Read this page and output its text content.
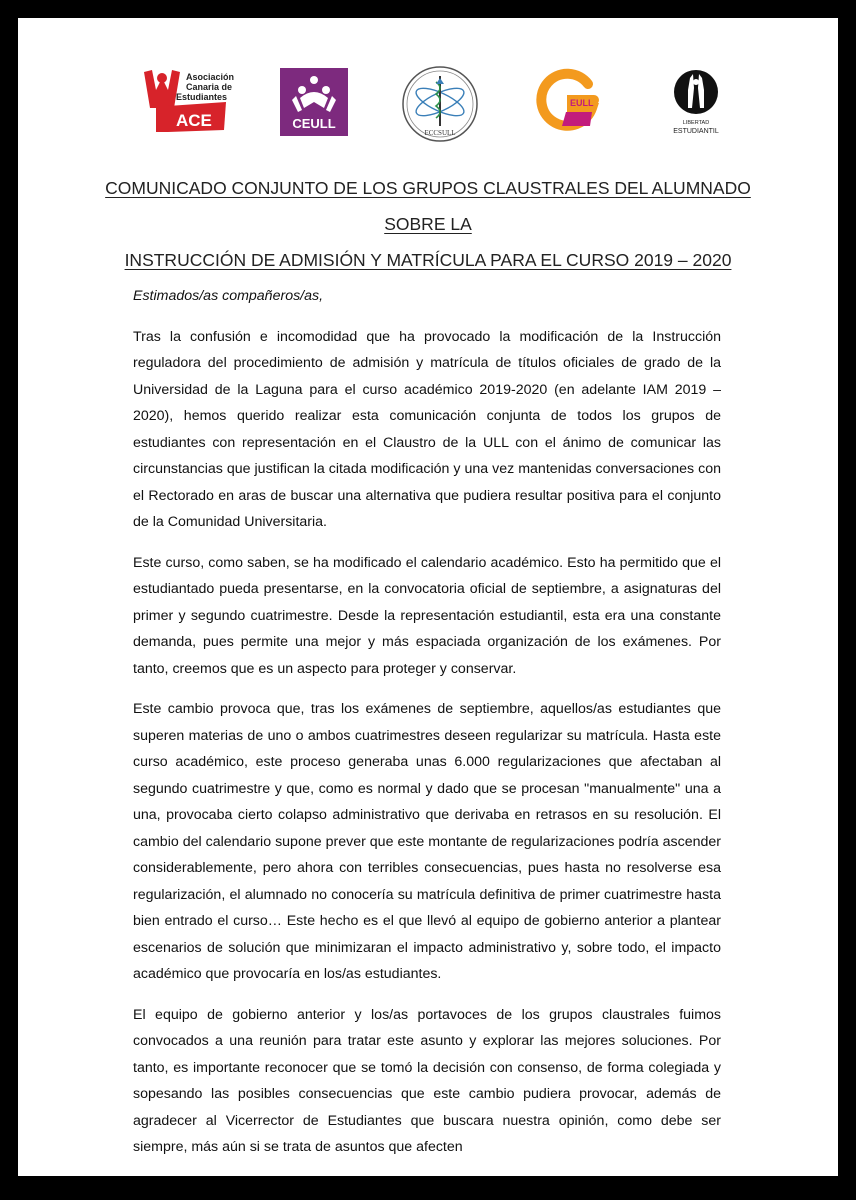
Asociación
Canaria de
Estudiantes
ACE	CEULL
ECCSULL
EULL
LIBERTAD
ESTUDIANTIL
COMUNICADO CONJUNTO DE LOS GRUPOS CLAUSTRALES DEL ALUMNADO SOBRE LA
INSTRUCCIÓN DE ADMISIÓN Y MATRÍCULA PARA EL CURSO 2019 – 2020

Estimados/as compañeros/as,

Tras la confusión e incomodidad que ha provocado la modificación de la Instrucción reguladora del procedimiento de admisión y matrícula de títulos oficiales de grado de la Universidad de la Laguna para el curso académico 2019-2020 (en adelante IAM 2019 – 2020), hemos querido realizar esta comunicación conjunta de todos los grupos de estudiantes con representación en el Claustro de la ULL con el ánimo de comunicar las circunstancias que justifican la citada modificación y una vez mantenidas conversaciones con el Rectorado en aras de buscar una alternativa que pudiera resultar positiva para el conjunto de la Comunidad Universitaria.

Este curso, como saben, se ha modificado el calendario académico. Esto ha permitido que el estudiantado pueda presentarse, en la convocatoria oficial de septiembre, a asignaturas del primer y segundo cuatrimestre. Desde la representación estudiantil, esta era una constante demanda, pues permite una mejor y más espaciada organización de los exámenes. Por tanto, creemos que es un aspecto para proteger y conservar.

Este cambio provoca que, tras los exámenes de septiembre, aquellos/as estudiantes que superen materias de uno o ambos cuatrimestres deseen regularizar su matrícula. Hasta este curso académico, este proceso generaba unas 6.000 regularizaciones que afectaban al segundo cuatrimestre y que, como es normal y dado que se procesan "manualmente" una a una, provocaba cierto colapso administrativo que derivaba en retrasos en su resolución. El cambio del calendario supone prever que este montante de regularizaciones podría ascender considerablemente, pero ahora con terribles consecuencias, pues hasta no resolverse esa regularización, el alumnado no conocería su matrícula definitiva de primer cuatrimestre hasta bien entrado el curso… Este hecho es el que llevó al equipo de gobierno anterior a plantear escenarios de solución que minimizaran el impacto administrativo y, sobre todo, el impacto académico que provocaría en los/as estudiantes.

El equipo de gobierno anterior y los/as portavoces de los grupos claustrales fuimos convocados a una reunión para tratar este asunto y explorar las mejores soluciones. Por tanto, es importante reconocer que se tomó la decisión con consenso, de forma colegiada y sopesando las posibles consecuencias que este cambio pudiera provocar, además de agradecer al Vicerrector de Estudiantes que buscara nuestra opinión, como debe ser siempre, más aún si se trata de asuntos que afecten
